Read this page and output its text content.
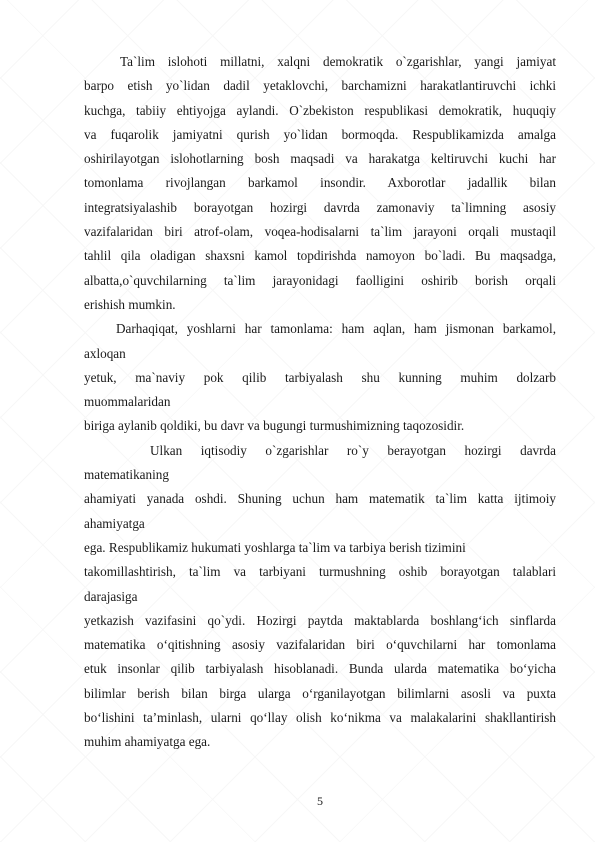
Ta`lim islohoti millatni, xalqni demokratik o`zgarishlar, yangi jamiyat
barpo etish yo`lidan dadil yetaklovchi, barchamizni harakatlantiruvchi ichki
kuchga, tabiiy ehtiyojga aylandi. O`zbekiston respublikasi demokratik, huquqiy
va fuqarolik jamiyatni qurish yo`lidan bormoqda. Respublikamizda amalga
oshirilayotgan islohotlarning bosh maqsadi va harakatga keltiruvchi kuchi har
tomonlama rivojlangan barkamol insondir. Axborotlar jadallik bilan
integratsiyalashib borayotgan hozirgi davrda zamonaviy ta`limning asosiy
vazifalaridan biri atrof-olam, voqea-hodisalarni ta`lim jarayoni orqali mustaqil
tahlil qila oladigan shaxsni kamol topdirishda namoyon bo`ladi. Bu maqsadga,
albatta,o`quvchilarning ta`lim jarayonidagi faolligini oshirib borish orqali
erishish mumkin.
Darhaqiqat, yoshlarni har tamonlama: ham aqlan, ham jismonan barkamol,
axloqan
yetuk, ma`naviy pok qilib tarbiyalash shu kunning muhim dolzarb
muommalaridan
biriga aylanib qoldiki, bu davr va bugungi turmushimizning taqozosidir.
Ulkan iqtisodiy o`zgarishlar ro`y berayotgan hozirgi davrda
matematikaning
ahamiyati yanada oshdi. Shuning uchun ham matematik ta`lim katta ijtimoiy
ahamiyatga
ega. Respublikamiz hukumati yoshlarga ta`lim va tarbiya berish tizimini
takomillashtirish, ta`lim va tarbiyani turmushning oshib borayotgan talablari
darajasiga
yetkazish vazifasini qo`ydi. Hozirgi paytda maktablarda boshlang‘ich sinflarda
matematika o‘qitishning asosiy vazifalaridan biri o‘quvchilarni har tomonlama
etuk insonlar qilib tarbiyalash hisoblanadi. Bunda ularda matematika bo‘yicha
bilimlar berish bilan birga ularga o‘rganilayotgan bilimlarni asosli va puxta
bo‘lishini ta’minlash, ularni qo‘llay olish ko‘nikma va malakalarini shakllantirish
muhim ahamiyatga ega.
5
